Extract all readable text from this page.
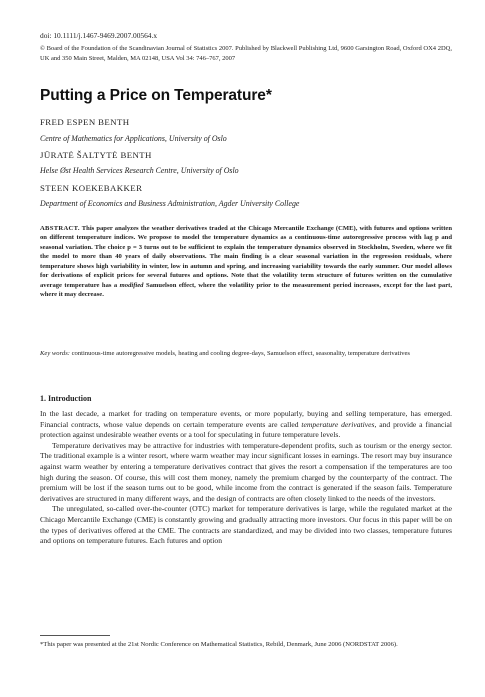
doi: 10.1111/j.1467-9469.2007.00564.x
© Board of the Foundation of the Scandinavian Journal of Statistics 2007. Published by Blackwell Publishing Ltd, 9600 Garsington Road, Oxford OX4 2DQ, UK and 350 Main Street, Malden, MA 02148, USA Vol 34: 746–767, 2007
Putting a Price on Temperature*
FRED ESPEN BENTH
Centre of Mathematics for Applications, University of Oslo
JŪRATĖ ŠALTYTĖ BENTH
Helse Øst Health Services Research Centre, University of Oslo
STEEN KOEKEBAKKER
Department of Economics and Business Administration, Agder University College
ABSTRACT. This paper analyzes the weather derivatives traded at the Chicago Mercantile Exchange (CME), with futures and options written on different temperature indices. We propose to model the temperature dynamics as a continuous-time autoregressive process with lag p and seasonal variation. The choice p = 3 turns out to be sufficient to explain the temperature dynamics observed in Stockholm, Sweden, where we fit the model to more than 40 years of daily observations. The main finding is a clear seasonal variation in the regression residuals, where temperature shows high variability in winter, low in autumn and spring, and increasing variability towards the early summer. Our model allows for derivations of explicit prices for several futures and options. Note that the volatility term structure of futures written on the cumulative average temperature has a modified Samuelson effect, where the volatility prior to the measurement period increases, except for the last part, where it may decrease.
Key words: continuous-time autoregressive models, heating and cooling degree-days, Samuelson effect, seasonality, temperature derivatives
1. Introduction

In the last decade, a market for trading on temperature events, or more popularly, buying and selling temperature, has emerged. Financial contracts, whose value depends on certain temperature events are called temperature derivatives, and provide a financial protection against undesirable weather events or a tool for speculating in future temperature levels.

Temperature derivatives may be attractive for industries with temperature-dependent profits, such as tourism or the energy sector. The traditional example is a winter resort, where warm weather may incur significant losses in earnings. The resort may buy insurance against warm weather by entering a temperature derivatives contract that gives the resort a compensation if the temperatures are too high during the season. Of course, this will cost them money, namely the premium charged by the counterparty of the contract. The premium will be lost if the season turns out to be good, while income from the contract is generated if the season fails. Temperature derivatives are structured in many different ways, and the design of contracts are often closely linked to the needs of the investors.

The unregulated, so-called over-the-counter (OTC) market for temperature derivatives is large, while the regulated market at the Chicago Mercantile Exchange (CME) is constantly growing and gradually attracting more investors. Our focus in this paper will be on the types of derivatives offered at the CME. The contracts are standardized, and may be divided into two classes, temperature futures and options on temperature futures. Each futures and option

*This paper was presented at the 21st Nordic Conference on Mathematical Statistics, Rebild, Denmark, June 2006 (NORDSTAT 2006).
